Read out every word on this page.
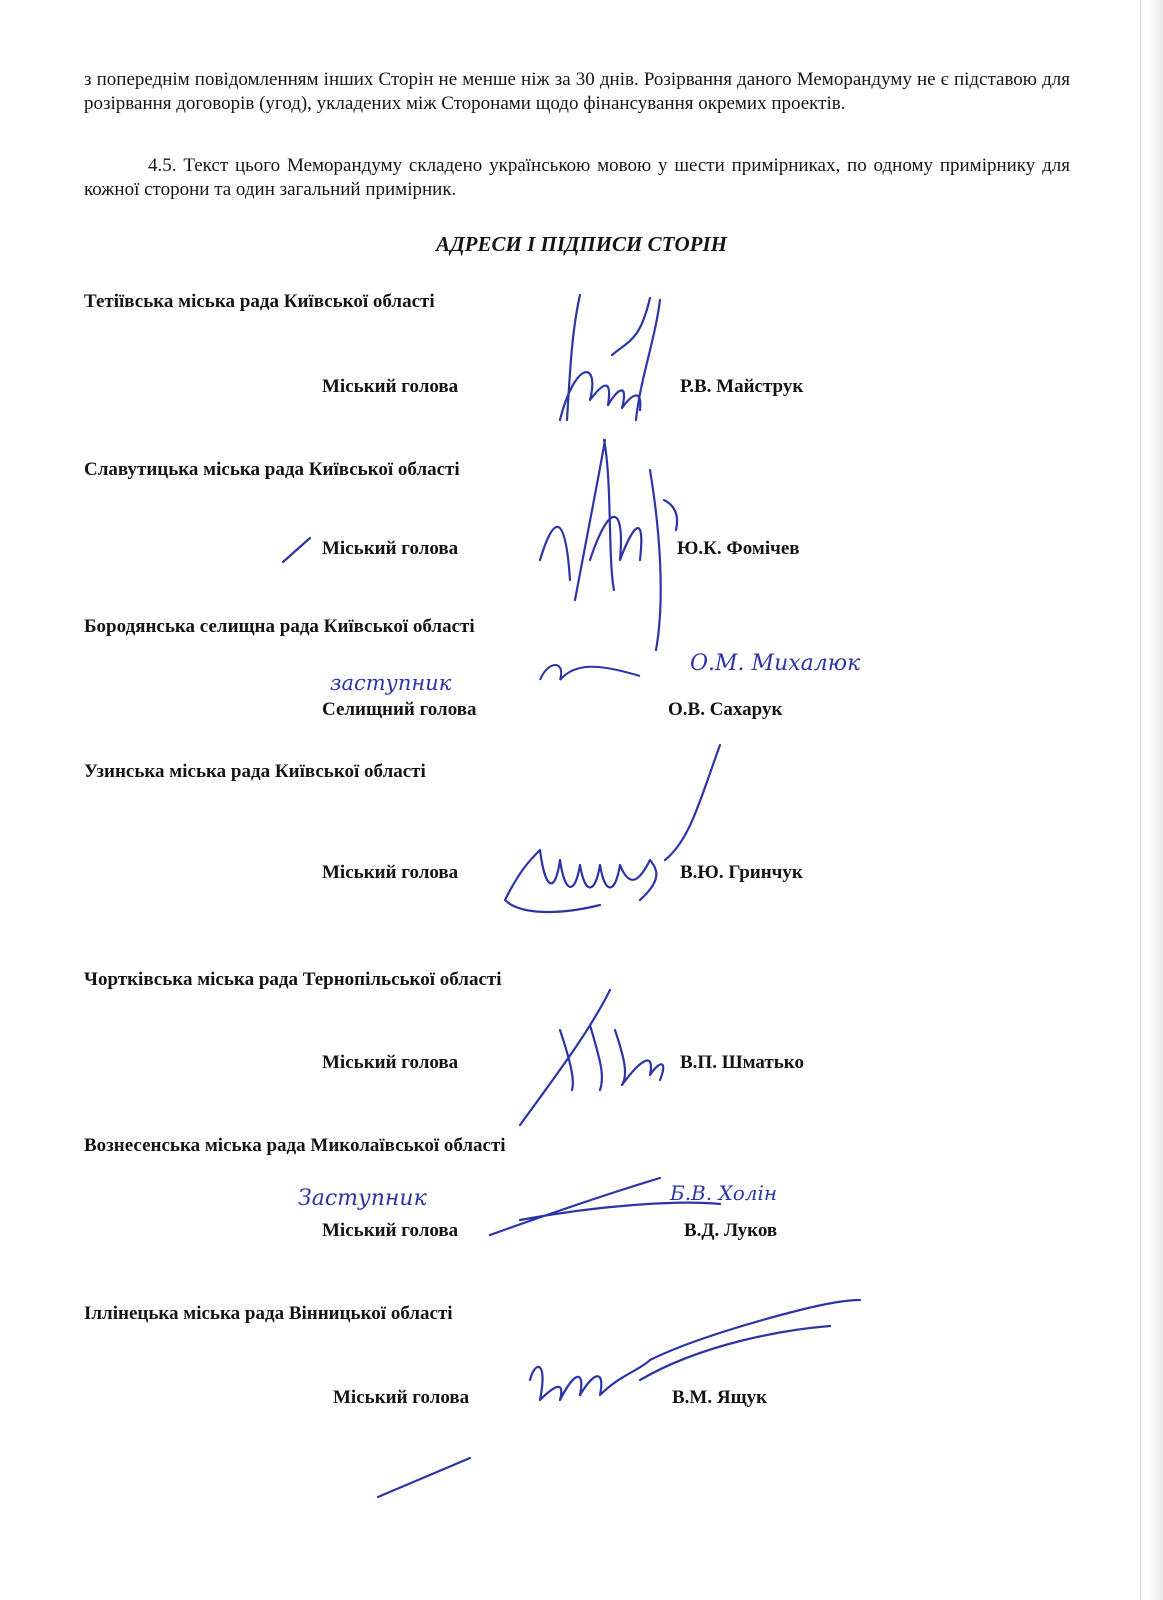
з попереднім повідомленням інших Сторін не менше ніж за 30 днів. Розірвання даного Меморандуму не є підставою для розірвання договорів (угод), укладених між Сторонами щодо фінансування окремих проектів.
4.5. Текст цього Меморандуму складено українською мовою у шести примірниках, по одному примірнику для кожної сторони та один загальний примірник.
АДРЕСИ І ПІДПИСИ СТОРІН
Тетіївська міська рада Київської області
Міський голова	Р.В. Майструк
Славутицька міська рада Київської області
Міський голова	Ю.К. Фомічев
Бородянська селищна рада Київської області
Селищний голова	О.В. Сахарук
Узинська міська рада Київської області
Міський голова	В.Ю. Гринчук
Чортківська міська рада Тернопільської області
Міський голова	В.П. Шматько
Вознесенська міська рада Миколаївської області
Міський голова	В.Д. Луков
Іллінецька міська рада Вінницької області
Міський голова	В.М. Ящук
заступник
О.М. Михалюк
Заступник	Б.В. Холін
